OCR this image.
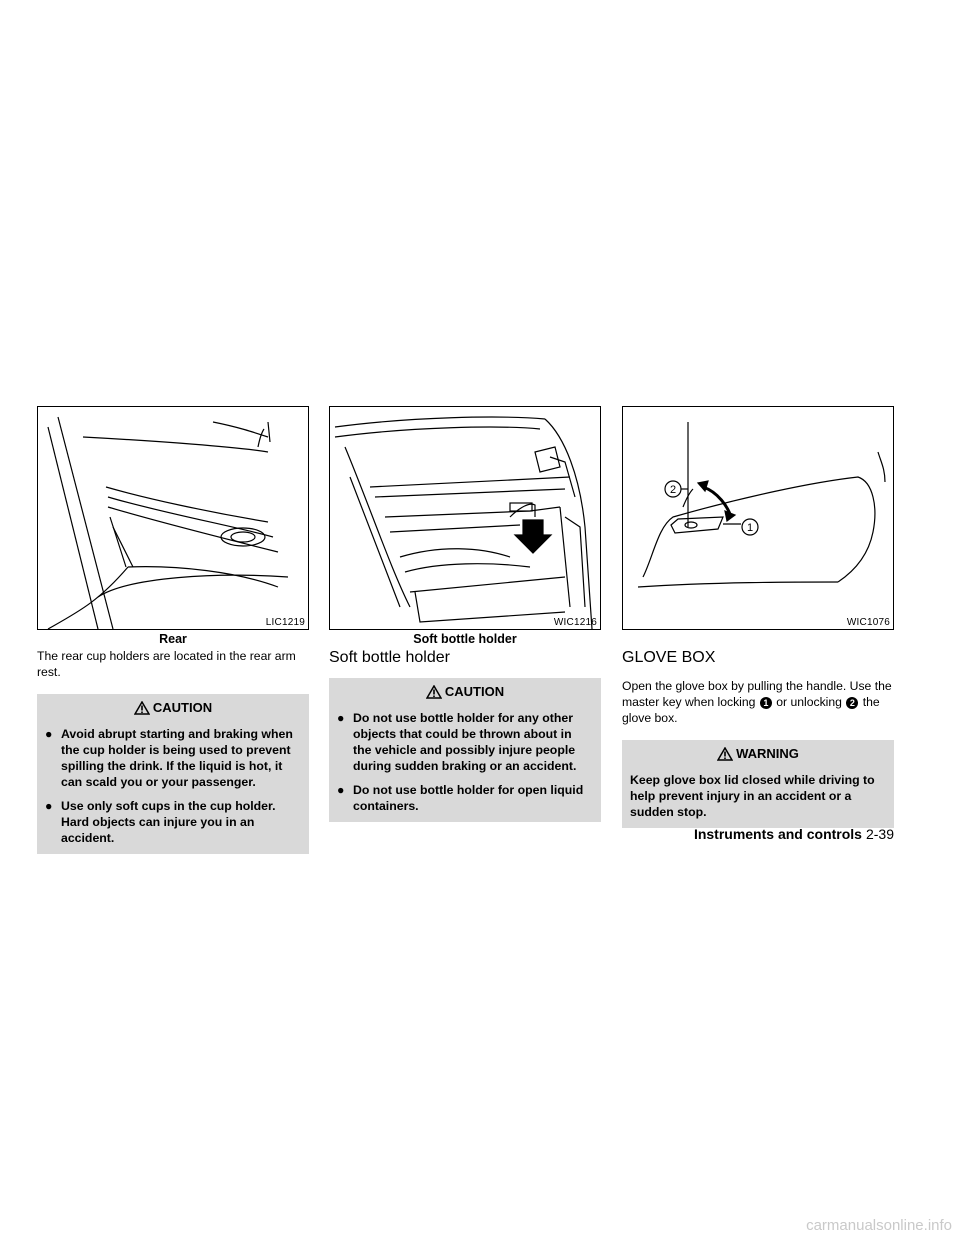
LIC1219
Rear

The rear cup holders are located in the rear arm rest.

CAUTION
● Avoid abrupt starting and braking when the cup holder is being used to prevent spilling the drink. If the liquid is hot, it can scald you or your passenger.
● Use only soft cups in the cup holder. Hard objects can injure you in an accident.
WIC1216
Soft bottle holder
Soft bottle holder
CAUTION
● Do not use bottle holder for any other objects that could be thrown about in the vehicle and possibly injure people during sudden braking or an accident.
● Do not use bottle holder for open liquid containers.
1
2
WIC1076
GLOVE BOX

Open the glove box by pulling the handle. Use the master key when locking 1 or unlocking 2 the glove box.

WARNING
Keep glove box lid closed while driving to help prevent injury in an accident or a sudden stop.
Instruments and controls 2-39
carmanualsonline.info
